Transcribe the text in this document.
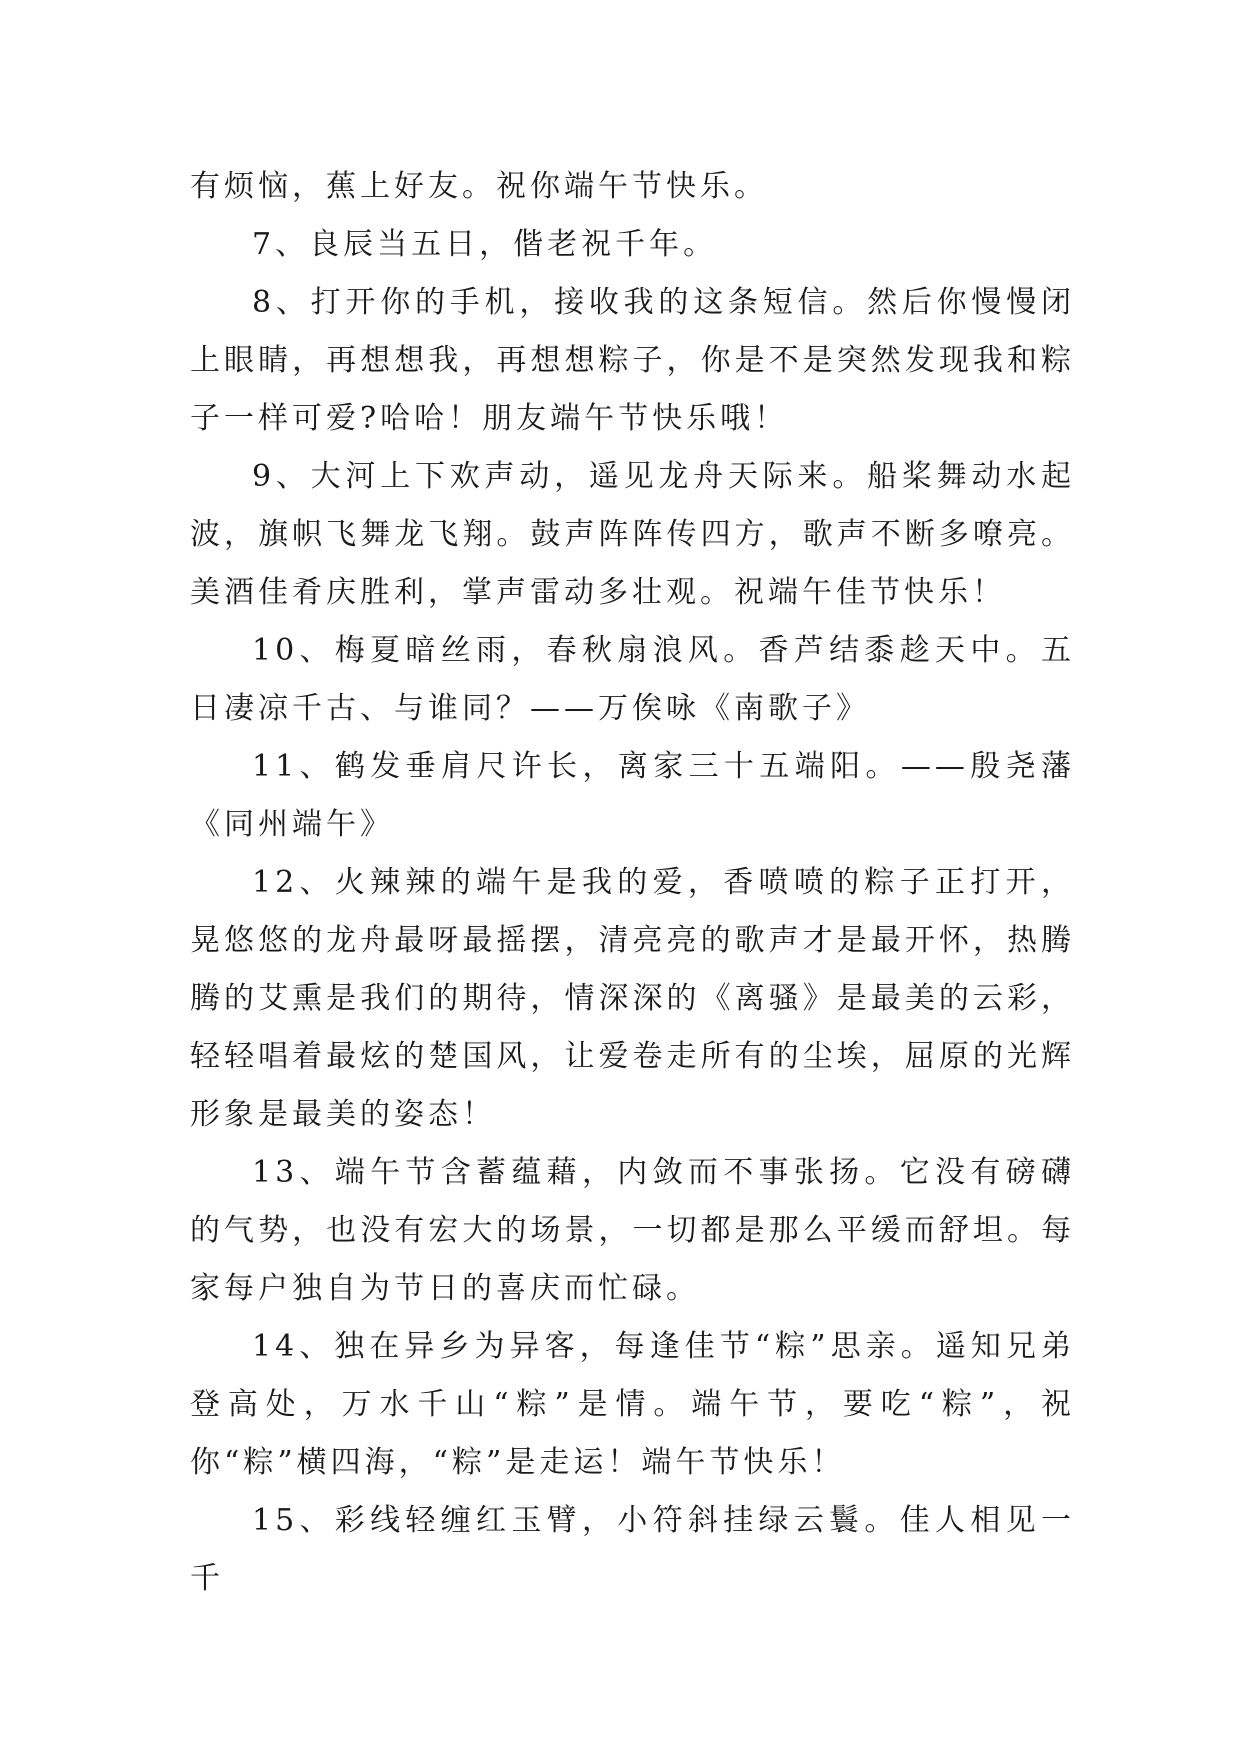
有烦恼，蕉上好友。祝你端午节快乐。

7、良辰当五日，偕老祝千年。

8、打开你的手机，接收我的这条短信。然后你慢慢闭上眼睛，再想想我，再想想粽子，你是不是突然发现我和粽子一样可爱?哈哈！朋友端午节快乐哦！

9、大河上下欢声动，遥见龙舟天际来。船桨舞动水起波，旗帜飞舞龙飞翔。鼓声阵阵传四方，歌声不断多嘹亮。美酒佳肴庆胜利，掌声雷动多壮观。祝端午佳节快乐！

10、梅夏暗丝雨，春秋扇浪风。香芦结黍趁天中。五日凄凉千古、与谁同？——万俟咏《南歌子》

11、鹤发垂肩尺许长，离家三十五端阳。——殷尧藩《同州端午》

12、火辣辣的端午是我的爱，香喷喷的粽子正打开，晃悠悠的龙舟最呀最摇摆，清亮亮的歌声才是最开怀，热腾腾的艾熏是我们的期待，情深深的《离骚》是最美的云彩，轻轻唱着最炫的楚国风，让爱卷走所有的尘埃，屈原的光辉形象是最美的姿态！

13、端午节含蓄蕴藉，内敛而不事张扬。它没有磅礴的气势，也没有宏大的场景，一切都是那么平缓而舒坦。每家每户独自为节日的喜庆而忙碌。

14、独在异乡为异客，每逢佳节“粽”思亲。遥知兄弟登高处，万水千山“粽”是情。端午节，要吃“粽”，祝你“粽”横四海，“粽”是走运！端午节快乐！

15、彩线轻缠红玉臂，小符斜挂绿云鬟。佳人相见一千
